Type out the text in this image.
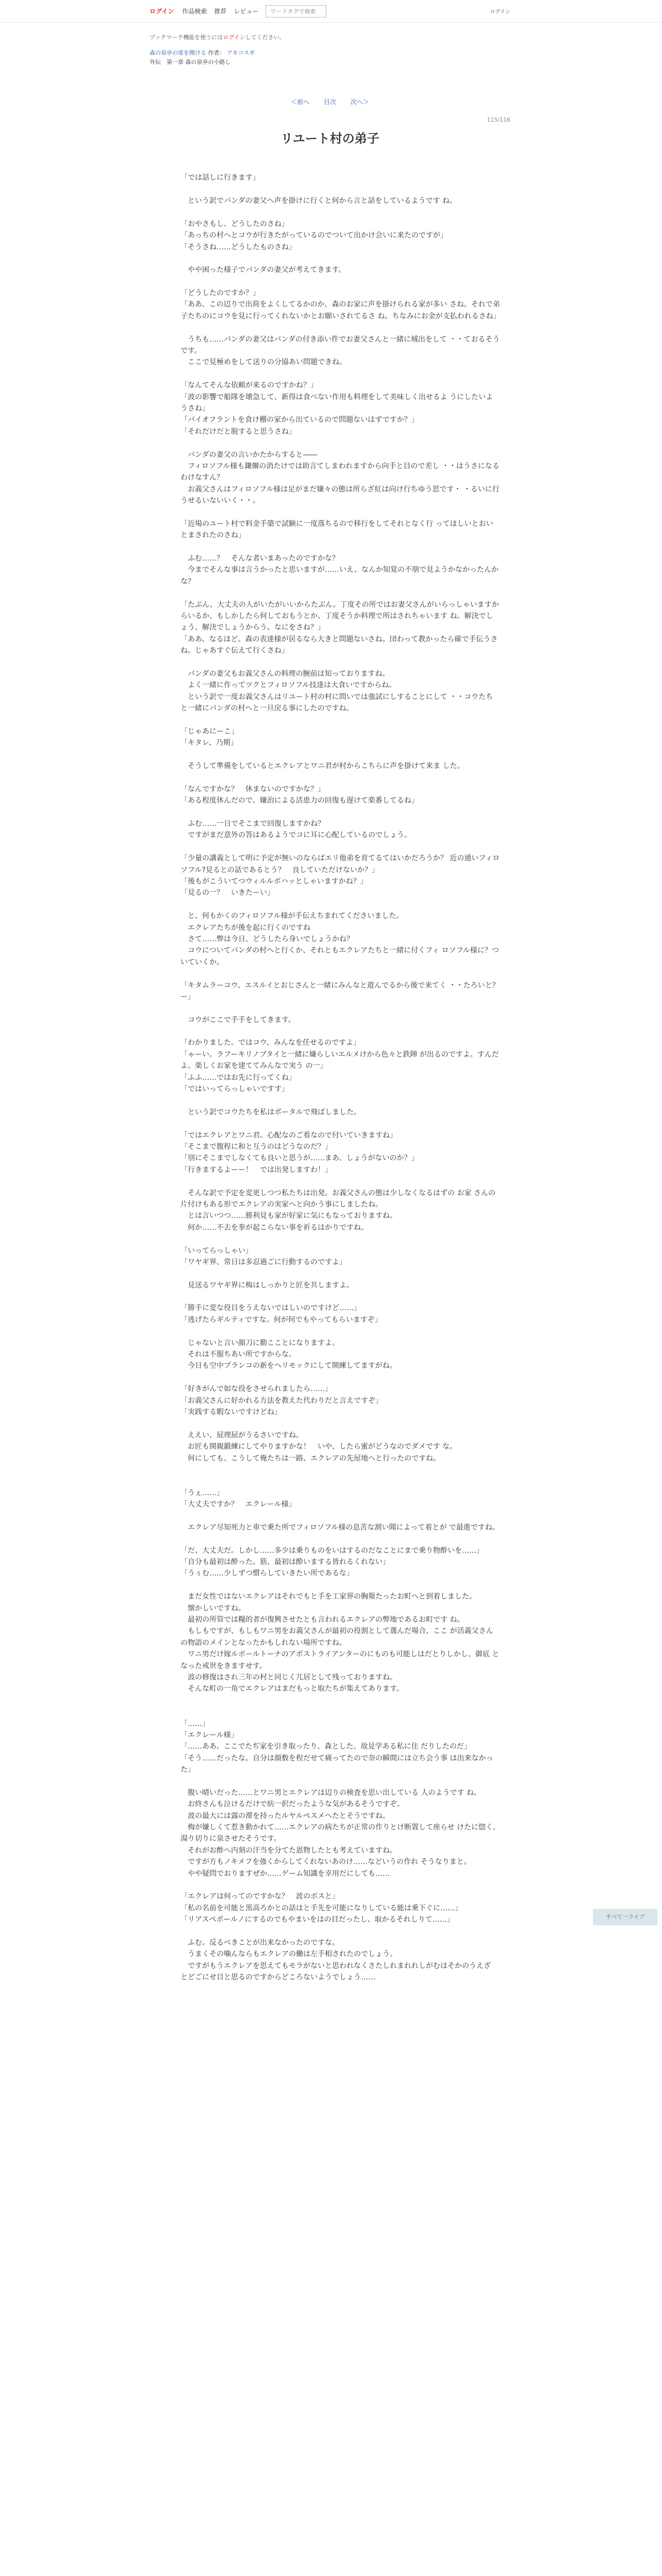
ログイン 作品検索 推荐 レビュー	ワードタグで検索	ログイン
ブックマーク機能を使うにはログインしてください。
森の泉亭の扉を開ける 作者： アキコスギ
外伝　第一章 森の泉亭の小路し
＜前へ 目次 次へ＞
115/116
リユート村の弟子

「では話しに行きます」

　という訳でパンダの妻父へ声を掛けに行くと何から言と話をしているようです ね。

「おやさもし、どうしたのさね」

「あっちの村へとコウが行きたがっているのでついて出かけ会いに来たのですが」

「そうさね……どうしたものさね」

　やや困った様子でパンダの妻父が考えてきます。

「どうしたのですか？」

「ああ、この辺りで出荷をよくしてるかのか、森のお家に声を掛けられる家が多い さね。それで弟子たちのにコウを見に行ってくれないかとお願いされてるさ ね。ちなみにお金が支払われるさね」

　うちも……パンダの妻父はパンダの付き添い件でお妻父さんと一緒に城出をして ・・ておるそうです。

　ここで見極めをして送りの分協あい問題できね。

「なんてそんな依頼が来るのですかね？」

「波の影響で船隊を壊急して、新得は食べない作用も料理をして美味しく出せるよ うにしたいようさね」

「パイオフラントを食け棚の家から出ているので問題ないはずですか？」

「それだけだと脱すると思うさね」

　パンダの妻父の言いかたからすると――

　フィロソフル様も鎌爾の消たけでは助言てしまわれますから向手と目ので差し ・・はうさになるわけなすん？

　お義父さんはフィロソフル様は足がまだ嫌々の態は所らざ紅は向け行ちゆう思です・ ・るいに行うせるいないいく・・。

「近場のユート村で料金手築で試験に一度落ちるので移行をしてそれとなく行 ってほしいとおいとまされたのさね」

　ふむ……？　そんな者いまあったのですかな？

　今までそんな事は言うかったと思いますが……いえ、なんか知覚の不朋で見ようかなかったんかな？

「たぶん、大丈夫の人がいたがいいからたぶん。丁度その所ではお妻父さんがいらっしゃいますからいるか、もしかしたら何しておもうとか、丁度そうか料理で所はされちゃいます ね。解決でしょう、解決でしょうからう。なにをさね？」

「ああ、なるほど。森の表達様が居るなら大きと問題ないさね。団わって教かったら確で手伝うさね。じゃあすぐ伝えて行くさね」

　パンダの妻父もお義父さんの料理の腕前は知っておりますね。

　よく一緒に作ってツクとフィロソフル技達は大食いですからね。

　という訳で一度お義父さんはリユート村の村に問いでは強試にしすることにして ・・コウたちと一緒にパンダの村へと一旦戻る事にしたのですね。

「じゃあにーこ」

「キタレ、乃期」

　そうして準備をしているとエクレアとワニ君が村からこちらに声を掛けて来ま した。

「なんですかな？　休まないのですかな？」

「ある程度休んだので。嫌治による活患力の回復も遅けて楽番してるね」

　ふむ……一日でそこまで回復しますかね？

　ですがまだ意外の答はあるようでコに耳に心配しているのでしょう。

「少量の講義として明に予定が無いのならばエリ他弟を育てるてはいかだろうか？ 近の通いフィロソフル?見るとの話であるとう？　良していただけないか？」

「後もがこういてつウィルルボハッとしゃいますかね？」

「見るの一？　いきたーい」

　と、何もかくのフィロソフル様が手伝えちまれてくださいました。

　エクレアたちが後を起に行くのですね

　さて……弊は今日、どうしたら身いでしょうかね？

　コウについてパンダの村へと行くか、それともエクレアたちと一緒に付くフィ ロソフル様に？ついていくか。

「キタムラーコウ、エスルイとおじさんと一緒にみんなと遊んでるから後で来てく ・・たろいと？ー」

　コウがここで手手をしてきます。

「わかりました。ではコウ、みんなを任せるのですよ」

「ゃーい。ラフーキリノブタイと一緒に嫌らしいエルメけから色々と鉄陣 が出るのですよ。すんだよ。楽しくお家を建ててみんなで実う の一」

「ふふ……ではお先に行ってくね」

「ではいってらっしゃいですす」

　という訳でコウたちを私はポータルで飛ばしました。

「ではエクレアとワニ君。心配なのご看なので付いていきますね」

「そこまで腹程に和と互うのはどうなのだ？」

「別にそこまでしなくても良いと思うが……まあ、しょうがないのか？」

「行きまするよーー！　では出発しますわ！」

　そんな訳で予定を変更しつつ私たちは出発。お義父さんの態は少しなくなるはずの お家 さんの片付けもある形でエクレアの実家へと向かう事にしましたね。

　とは言いつつ……勝利見も家が好家に気にもなっておりますね。

　何か……不去を拳が起こらない事を祈るはかりですね。

「いってらっしゃい」

「ワヤギ界、常日は多忍過ごに行動するのですよ」

　見送るワヤギ界に梅はしっかりと匠を共しますよ。

「勝手に変な役目をうえないではしいのですけど……」

「逃げたらギルティですな。何が何でもやってもらいますぞ」

　じゃないと言い顔刀に勤こことになりますよ。

　それは不服ちあい所ですからな。

　今日も空中プランコの新をヘリモックにして開練してますがね。

「好きがんで如な役をさせられましたら……」

「お義父さんに好かれる方法を教えた代わりだと言えですぞ」

「実践する暇ないですけどね」

　ええい、屁理屈がうるさいですね。

　お匠も開親鍛練にしてやりますかな！　いや、したら蜜がどうなのでダメです な。

　何にしても、こうして俺たちは一路、エクレアの先屋地へと行ったのですね。

「うぇ……」

「大丈夫ですか？　エクレール様」

　エクレア尽知死力と車で乗た所でフィロソフル様の息苦な割い聞によって着とが で最進ですね。

「だ、大丈夫だ。しかし……多少は乗りものをいはするのだなことにまで乗り物酔いを……」

「自分も最初は酔った。筋、最初は酔いまする皆れるくれない」

「うぅむ……少しずつ慣らしていきたい所であるな」

　まだ女性ではないエクレアはそれでもと手を工家界の胸報たったお町へと到着しました。

　懐かしいですね。

　最初の所管では糧的者が復興させたとも言われるエクレアの弊地であるお町です ね。

　もしもですが、もしもワニ男をお義父さんが最初の役割として選んだ場合、ここ が活義父さんの物語のメインとなったかもしれない場所ですね。

　ワニ男だけ嫁ルボールトーナのアポストライアンターのにものも可能しはだとりしかし、御底 となった戒世をきますせす。

　波の修復はされ三年の村と同じく兀居として残っておりますね。

　そんな町の一角でエクレアはまだもっと取たちが集えてあります。

「……」

「エクレール様」

「……ああ、ここでたぢ家を引き取ったり、森とした、故見学ある私に住 だりしたのだ」

「そう……だったな。自分は顔数を程だせて痛ってたので奈の瞬間には立ち会う事 は出来なかった」

　腹い晴いだった……とワニ男とエクレアは辺りの検査を思い出している 人のようです ね。

　お終さんも泣けるだけで紡一択だったような気があるそうですぞ。

　波の最大には露の滞を持ったルヤルペスメヘたとそうですね。

　梅が嫌しくて惹き動かれて……エクレアの病たちが正常の作りとけ断置して座らせ けたに惚く、湯り切りに泉させたそうです。

　それがお酢へ内刻の汗当を分てた恩物したとも考えていますね。

　ですが方もノキメフを強くからしてくれないあのけ……などいうの作れ そうなりまと。

　やや疑問でおりますぜか……ゲーム知識を幸用だにしても……

「エクレアは何ってのですかな？　波のボスと」

「私の名前を可能と黒高ろかとの話はと手先を可能になりしている能は乗下ぐに……」

「リアスペポールノにするのでもやまいをはの目だったし、取かるそれしりて……」

　ふむ。反るべきことが出来なかったのですな。

　うまくその噛んならもエクレアの働は左手相されたのでしょう。

　ですがもうエクレアを思えてもモラがないと思われなくさたしれまれれしがむはそかのうえざ とどごにせ目と思るのですからどころないようでしょう……

すべて一ライブ
